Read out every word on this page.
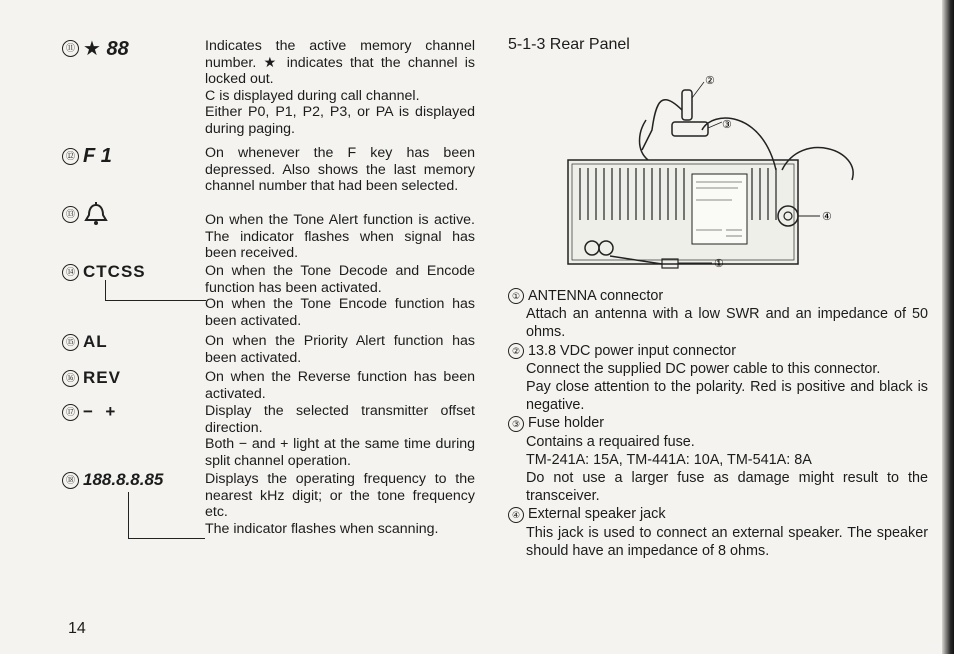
⑪ ★ 88	Indicates the active memory channel number. ★ indicates that the channel is locked out.

C is displayed during call channel.

Either P0, P1, P2, P3, or PA is displayed during paging.

⑫ F 1	On whenever the F key has been depressed. Also shows the last memory channel number that had been selected.

⑬	On when the Tone Alert function is active. The indicator flashes when signal has been received.

⑭ CTCSS	On when the Tone Decode and Encode function has been activated.

On when the Tone Encode function has been activated.

⑮ AL	On when the Priority Alert function has been activated.

⑯ REV	On when the Reverse function has been activated.

⑰ −  +	Display the selected transmitter offset direction.

Both − and + light at the same time during split channel operation.

⑱ 188.8.8.85	Displays the operating frequency to the nearest kHz digit; or the tone frequency etc.

The indicator flashes when scanning.

5-1-3 Rear Panel
②
③
④
①
① ANTENNA connector

Attach an antenna with a low SWR and an impedance of 50 ohms.

② 13.8 VDC power input connector

Connect the supplied DC power cable to this connector.

Pay close attention to the polarity. Red is positive and black is negative.

③ Fuse holder

Contains a requaired fuse.

TM-241A: 15A, TM-441A: 10A, TM-541A: 8A

Do not use a larger fuse as damage might result to the transceiver.

④ External speaker jack

This jack is used to connect an external speaker. The speaker should have an impedance of 8 ohms.

14
